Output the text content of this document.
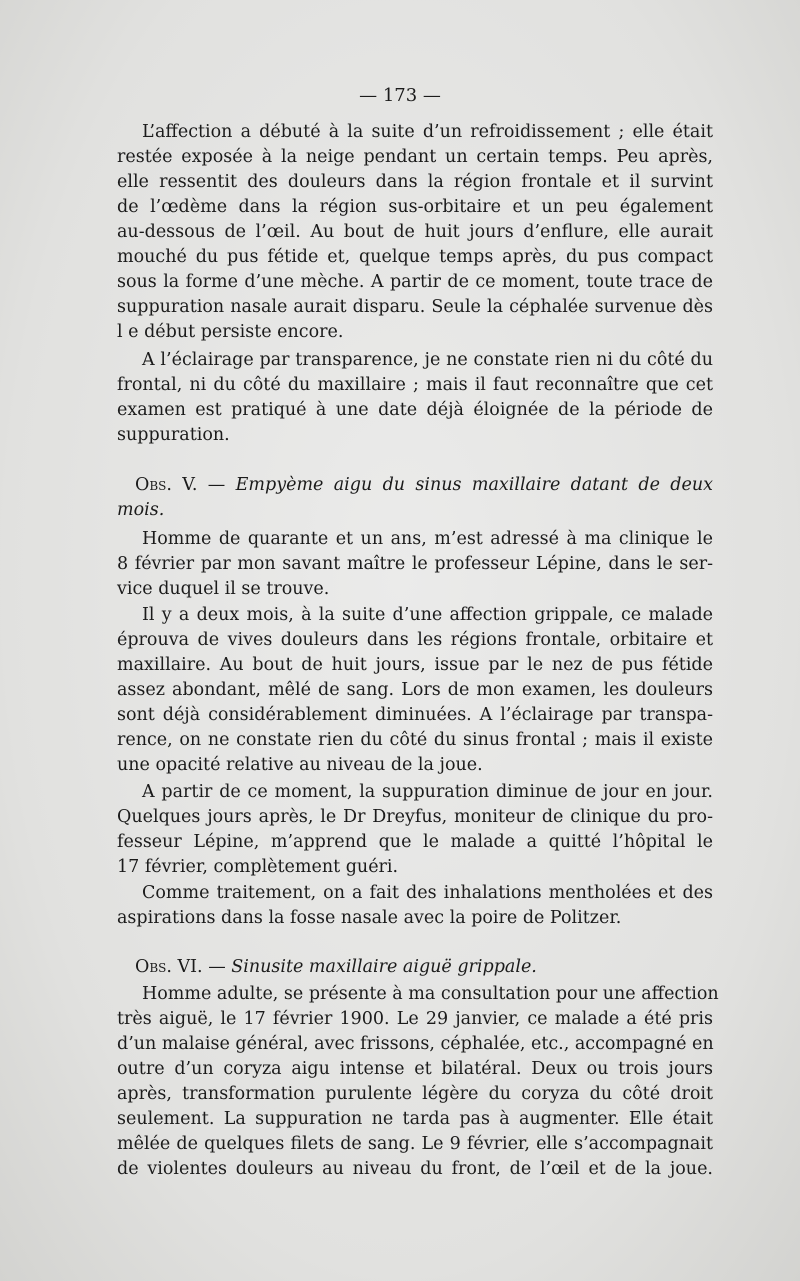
— 173 —
L’affection a débuté à la suite d’un refroidissement ; elle était
restée exposée à la neige pendant un certain temps. Peu après,
elle ressentit des douleurs dans la région frontale et il survint
de l’œdème dans la région sus-orbitaire et un peu également
au-dessous de l’œil. Au bout de huit jours d’enflure, elle aurait
mouché du pus fétide et, quelque temps après, du pus compact
sous la forme d’une mèche. A partir de ce moment, toute trace de
suppuration nasale aurait disparu. Seule la céphalée survenue dès
l e début persiste encore.
A l’éclairage par transparence, je ne constate rien ni du côté du
frontal, ni du côté du maxillaire ; mais il faut reconnaître que cet
examen est pratiqué à une date déjà éloignée de la période de
suppuration.
Obs. V. — Empyème aigu du sinus maxillaire datant de deux
mois.
Homme de quarante et un ans, m’est adressé à ma clinique le
8 février par mon savant maître le professeur Lépine, dans le ser-
vice duquel il se trouve.
Il y a deux mois, à la suite d’une affection grippale, ce malade
éprouva de vives douleurs dans les régions frontale, orbitaire et
maxillaire. Au bout de huit jours, issue par le nez de pus fétide
assez abondant, mêlé de sang. Lors de mon examen, les douleurs
sont déjà considérablement diminuées. A l’éclairage par transpa-
rence, on ne constate rien du côté du sinus frontal ; mais il existe
une opacité relative au niveau de la joue.
A partir de ce moment, la suppuration diminue de jour en jour.
Quelques jours après, le Dr Dreyfus, moniteur de clinique du pro-
fesseur Lépine, m’apprend que le malade a quitté l’hôpital le
17 février, complètement guéri.
Comme traitement, on a fait des inhalations mentholées et des
aspirations dans la fosse nasale avec la poire de Politzer.
Obs. VI. — Sinusite maxillaire aiguë grippale.
Homme adulte, se présente à ma consultation pour une affection
très aiguë, le 17 février 1900. Le 29 janvier, ce malade a été pris
d’un malaise général, avec frissons, céphalée, etc., accompagné en
outre d’un coryza aigu intense et bilatéral. Deux ou trois jours
après, transformation purulente légère du coryza du côté droit
seulement. La suppuration ne tarda pas à augmenter. Elle était
mêlée de quelques filets de sang. Le 9 février, elle s’accompagnait
de violentes douleurs au niveau du front, de l’œil et de la joue.
